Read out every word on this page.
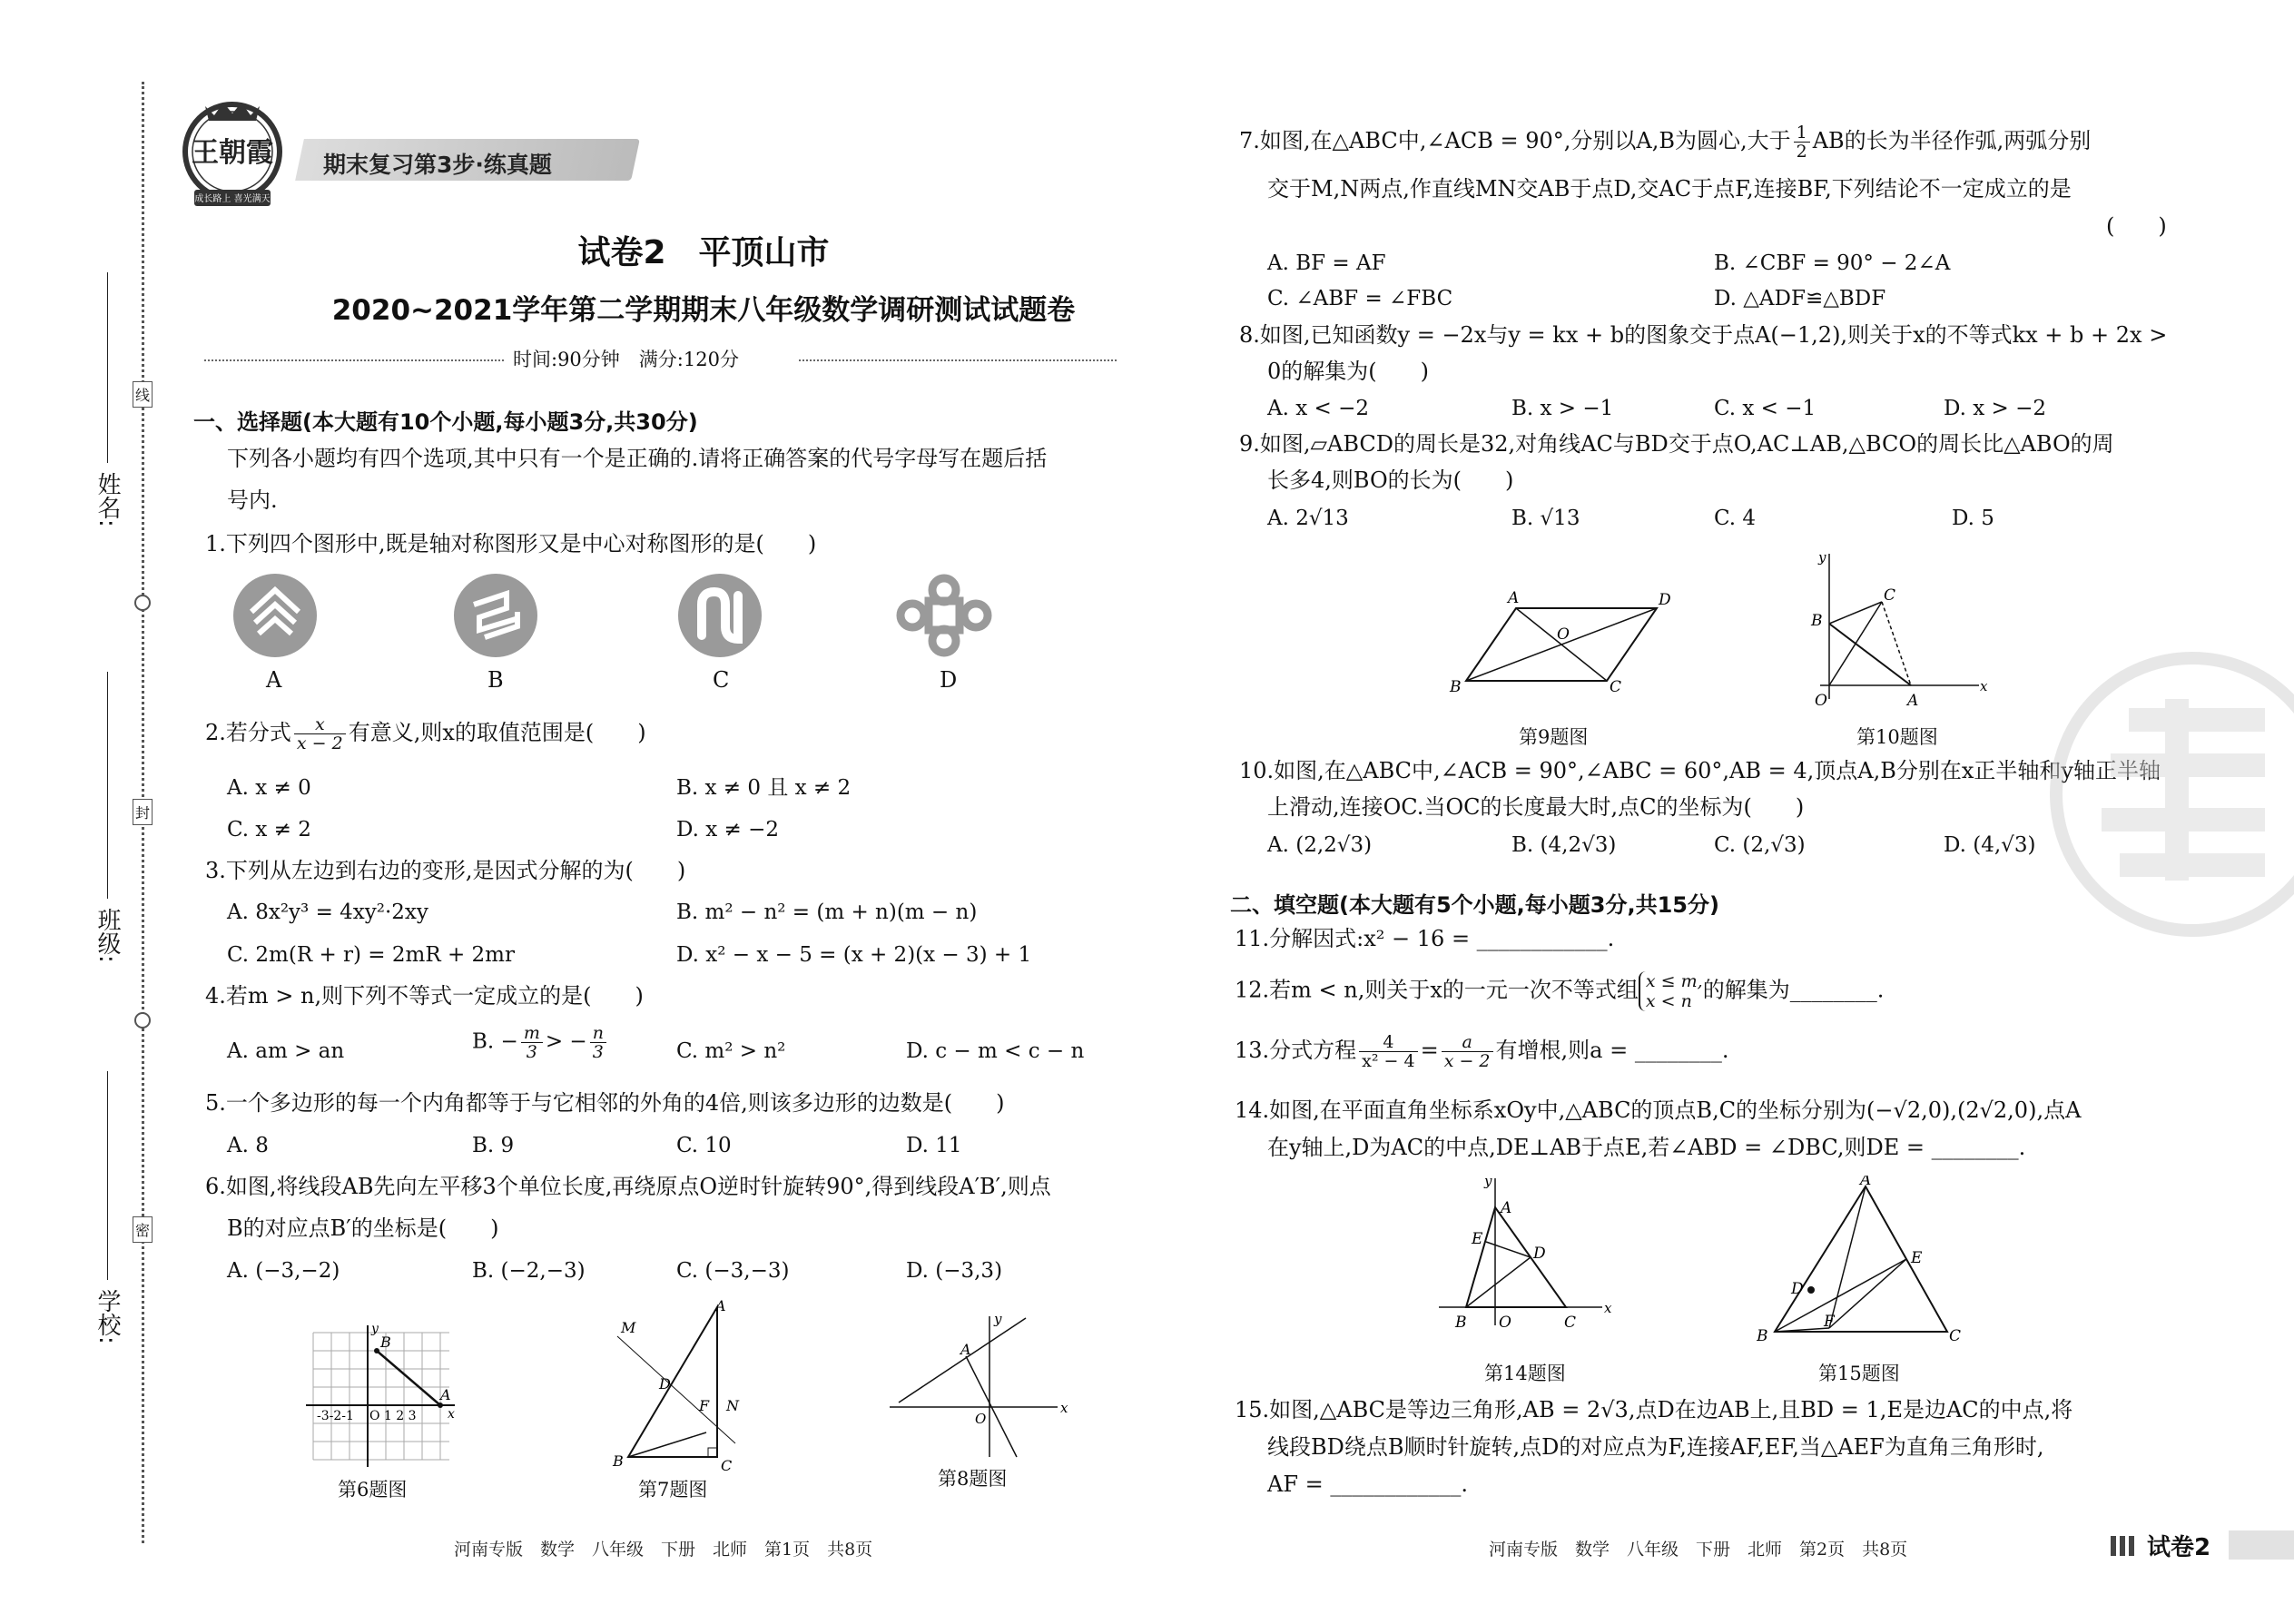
姓名:
班级:
学校:
线
封
密
王朝霞
成长路上 喜光满天
期末复习第3步·练真题
试卷2　平顶山市
2020~2021学年第二学期期末八年级数学调研测试试题卷
时间:90分钟　满分:120分
一、选择题(本大题有10个小题,每小题3分,共30分)
下列各小题均有四个选项,其中只有一个是正确的.请将正确答案的代号字母写在题后括
号内.
1.下列四个图形中,既是轴对称图形又是中心对称图形的是(　　)
A	B	C	D
2.若分式 $\frac{x}{x - 2}$ 有意义,则x的取值范围是(　　)
A. x ≠ 0	B. x ≠ 0 且 x ≠ 2
C. x ≠ 2	D. x ≠ −2
3.下列从左边到右边的变形,是因式分解的为(　　)
A. 8x²y³ = 4xy²·2xy	B. m² − n² = (m + n)(m − n)
C. 2m(R + r) = 2mR + 2mr	D. x² − x − 5 = (x + 2)(x − 3) + 1
4.若m > n,则下列不等式一定成立的是(　　)
A. am > an	B. − $\frac{m}{3}$ > − $\frac{n}{3}$	C. m² > n²	D. c − m < c − n
5.一个多边形的每一个内角都等于与它相邻的外角的4倍,则该多边形的边数是(　　)
A. 8	B. 9	C. 10	D. 11
6.如图,将线段AB先向左平移3个单位长度,再绕原点O逆时针旋转90°,得到线段A′B′,则点
B的对应点B′的坐标是(　　)
A. (−3,−2)	B. (−2,−3)	C. (−3,−3)	D. (−3,3)
B
A
y
x
-3-2-1 O 1 2 3
第6题图
A
B	C
D
F
M
N
第7题图
A
y
x
O
第8题图
河南专版　数学　八年级　下册　北师　第1页　共8页
7.如图,在△ABC中,∠ACB = 90°,分别以A,B为圆心,大于 $\frac{1}{2}$ AB的长为半径作弧,两弧分别
交于M,N两点,作直线MN交AB于点D,交AC于点F,连接BF,下列结论不一定成立的是
(　　)
A. BF = AF	B. ∠CBF = 90° − 2∠A
C. ∠ABF = ∠FBC	D. △ADF≌△BDF
8.如图,已知函数y = −2x与y = kx + b的图象交于点A(−1,2),则关于x的不等式kx + b + 2x >
0的解集为(　　)
A. x < −2	B. x > −1	C. x < −1	D. x > −2
9.如图,▱ABCD的周长是32,对角线AC与BD交于点O,AC⊥AB,△BCO的周长比△ABO的周
长多4,则BO的长为(　　)
A. 2√13	B. √13	C. 4	D. 5
A	D
B	C
O
第9题图
C
B
A
O
y
x
第10题图
10.如图,在△ABC中,∠ACB = 90°,∠ABC = 60°,AB = 4,顶点A,B分别在x正半轴和y轴正半轴
上滑动,连接OC.当OC的长度最大时,点C的坐标为(　　)
A. (2,2√3)	B. (4,2√3)	C. (2,√3)	D. (4,√3)
二、填空题(本大题有5个小题,每小题3分,共15分)
11.分解因式:x² − 16 = ____________.
12.若m < n,则关于x的一元一次不等式组 x ≤ m,
x < n 的解集为________.
13.分式方程 $\frac{4}{\text{x² − 4}} = \frac{a}{x - 2}$ 有增根,则a = ________.
14.如图,在平面直角坐标系xOy中,△ABC的顶点B,C的坐标分别为(−√2,0),(2√2,0),点A
在y轴上,D为AC的中点,DE⊥AB于点E,若∠ABD = ∠DBC,则DE = ________.
A
D
E
B O	C
y
x
第14题图
A
E
D
F
B	C
第15题图
15.如图,△ABC是等边三角形,AB = 2√3,点D在边AB上,且BD = 1,E是边AC的中点,将
线段BD绕点B顺时针旋转,点D的对应点为F,连接AF,EF,当△AEF为直角三角形时,
AF = ____________.
河南专版　数学　八年级　下册　北师　第2页　共8页	试卷2
